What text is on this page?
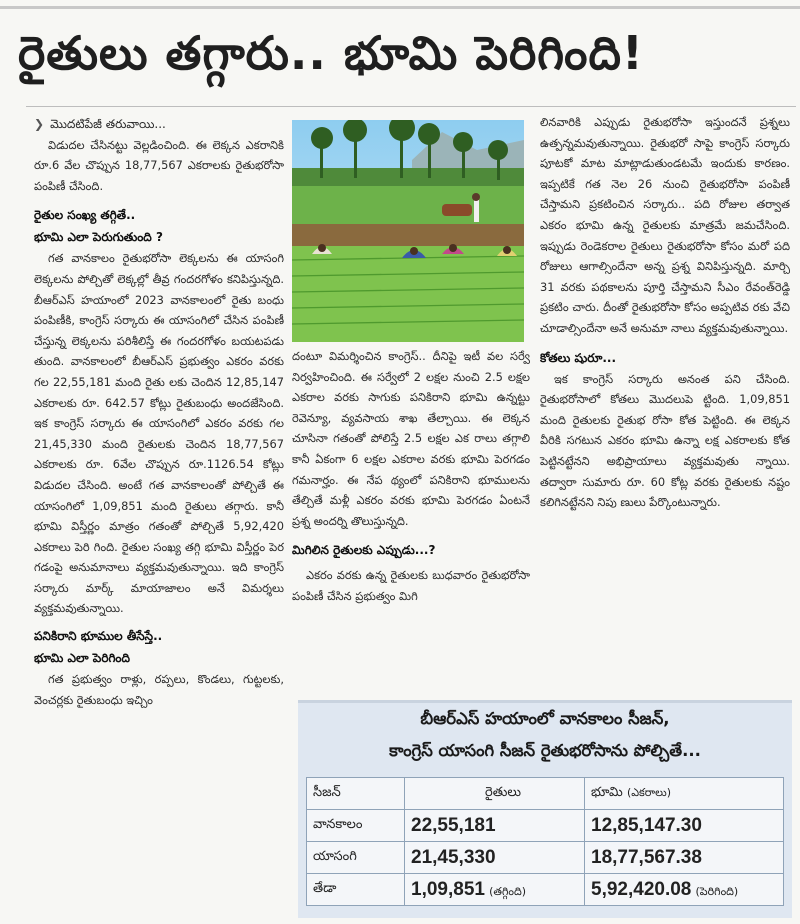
రైతులు తగ్గారు.. భూమి పెరిగింది!
❯ మొదటిపేజీ తరువాయి...

విడుదల చేసినట్టు వెల్లడించింది. ఈ లెక్కన ఎకరానికి రూ.6 వేల చొప్పున 18,77,567 ఎకరాలకు రైతుభరోసా పంపిణీ చేసింది.

రైతుల సంఖ్య తగ్గితే..
భూమి ఎలా పెరుగుతుంది ?

గత వానకాలం రైతుభరోసా లెక్కలను ఈ యాసంగి లెక్కలను పోల్చితో లెక్కల్లో తీవ్ర గందరగోళం కనిపిస్తున్నది. బీఆర్ఎస్ హయాంలో 2023 వానకాలంలో రైతు బంధు పంపిణీకి, కాంగ్రెస్ సర్కారు ఈ యాసంగిలో చేసిన పంపిణీ చేస్తున్న లెక్కలను పరిశీలిస్తే ఈ గందరగోళం బయటపడు తుంది. వానకాలంలో బీఆర్ఎస్ ప్రభుత్వం ఎకరం వరకు గల 22,55,181 మంది రైతు లకు చెందిన 12,85,147 ఎకరాలకు రూ. 642.57 కోట్లు రైతుబంధు అందజేసింది. ఇక కాంగ్రెస్ సర్కారు ఈ యాసంగిలో ఎకరం వరకు గల 21,45,330 మంది రైతులకు చెందిన 18,77,567 ఎకరాలకు రూ. 6వేల చొప్పున రూ.1126.54 కోట్లు విడుదల చేసింది. అంటే గత వానకాలంతో పోల్చితే ఈ యాసంగిలో 1,09,851 మంది రైతులు తగ్గారు. కానీ భూమి విస్తీర్ణం మాత్రం గతంతో పోల్చితే 5,92,420 ఎకరాలు పెరి గింది. రైతుల సంఖ్య తగ్గి భూమి విస్తీర్ణం పెర గడంపై అనుమానాలు వ్యక్తమవుతున్నాయి. ఇది కాంగ్రెస్ సర్కారు మార్క్ మాయాజాలం అనే విమర్శలు వ్యక్తమవుతున్నాయి.

పనికిరాని భూముల తీసేస్తే..
భూమి ఎలా పెరిగింది

గత ప్రభుత్వం రాళ్లు, రప్పలు, కొండలు, గుట్టలకు, వెంచర్లకు రైతుబంధు ఇచ్చిం

దంటూ విమర్శించిన కాంగ్రెస్.. దీనిపై ఇటీ వల సర్వే నిర్వహించింది. ఈ సర్వేలో 2 లక్షల నుంచి 2.5 లక్షల ఎకరాల వరకు సాగుకు పనికిరాని భూమి ఉన్నట్టు రెవెన్యూ, వ్యవసాయ శాఖ తేల్చాయి. ఈ లెక్కన చూసినా గతంతో పోలిస్తే 2.5 లక్షల ఎక రాలు తగ్గాలి కానీ ఏకంగా 6 లక్షల ఎకరాల వరకు భూమి పెరగడం గమనార్హం. ఈ నేప థ్యంలో పనికిరాని భూములను తేల్చితే మళ్లీ ఎకరం వరకు భూమి పెరగడం ఏంటనే ప్రశ్న అందర్ని తొలుస్తున్నది.

మిగిలిన రైతులకు ఎప్పుడు...?

ఎకరం వరకు ఉన్న రైతులకు బుధవారం రైతుభరోసా పంపిణీ చేసిన ప్రభుత్వం మిగి

లినవారికి ఎప్పుడు రైతుభరోసా ఇస్తుందనే ప్రశ్నలు ఉత్పన్నమవుతున్నాయి. రైతుభరో సాపై కాంగ్రెస్ సర్కారు పూటకో మాట మాట్లాడుతుండటమే ఇందుకు కారణం. ఇప్పటికే గత నెల 26 నుంచి రైతుభరోసా పంపిణీ చేస్తామని ప్రకటించిన సర్కారు.. పది రోజుల తర్వాత ఎకరం భూమి ఉన్న రైతులకు మాత్రమే జమచేసింది. ఇప్పుడు రెండెకరాల రైతులు రైతుభరోసా కోసం మరో పది రోజులు ఆగాల్సిందేనా అన్న ప్రశ్న వినిపిస్తున్నది. మార్చి 31 వరకు పథకాలను పూర్తి చేస్తామని సీఎం రేవంత్‌రెడ్డి ప్రకటిం చారు. దీంతో రైతుభరోసా కోసం అప్పటివ రకు వేచి చూడాల్సిందేనా అనే అనుమా నాలు వ్యక్తమవుతున్నాయి.

కోతలు షురూ...

ఇక కాంగ్రెస్ సర్కారు అనంత పని చేసింది. రైతుభరోసాలో కోతలు మొదలుపె ట్టింది. 1,09,851 మంది రైతులకు రైతుభ రోసా కోత పెట్టింది. ఈ లెక్కన వీరికి సగటున ఎకరం భూమి ఉన్నా లక్ష ఎకరాలకు కోత పెట్టినట్టేనని అభిప్రాయాలు వ్యక్తమవుతు న్నాయి. తద్వారా సుమారు రూ. 60 కోట్ల వరకు రైతులకు నష్టం కలిగినట్టేనని నిపు ణులు పేర్కొంటున్నారు.

బీఆర్ఎస్ హయాంలో వానకాలం సీజన్,
కాంగ్రెస్ యాసంగి సీజన్ రైతుభరోసాను పోల్చితే...
సీజన్	రైతులు	భూమి (ఎకరాలు)
వానకాలం	22,55,181	12,85,147.30
యాసంగి	21,45,330	18,77,567.38
తేడా	1,09,851 (తగ్గింది)	5,92,420.08 (పెరిగింది)
